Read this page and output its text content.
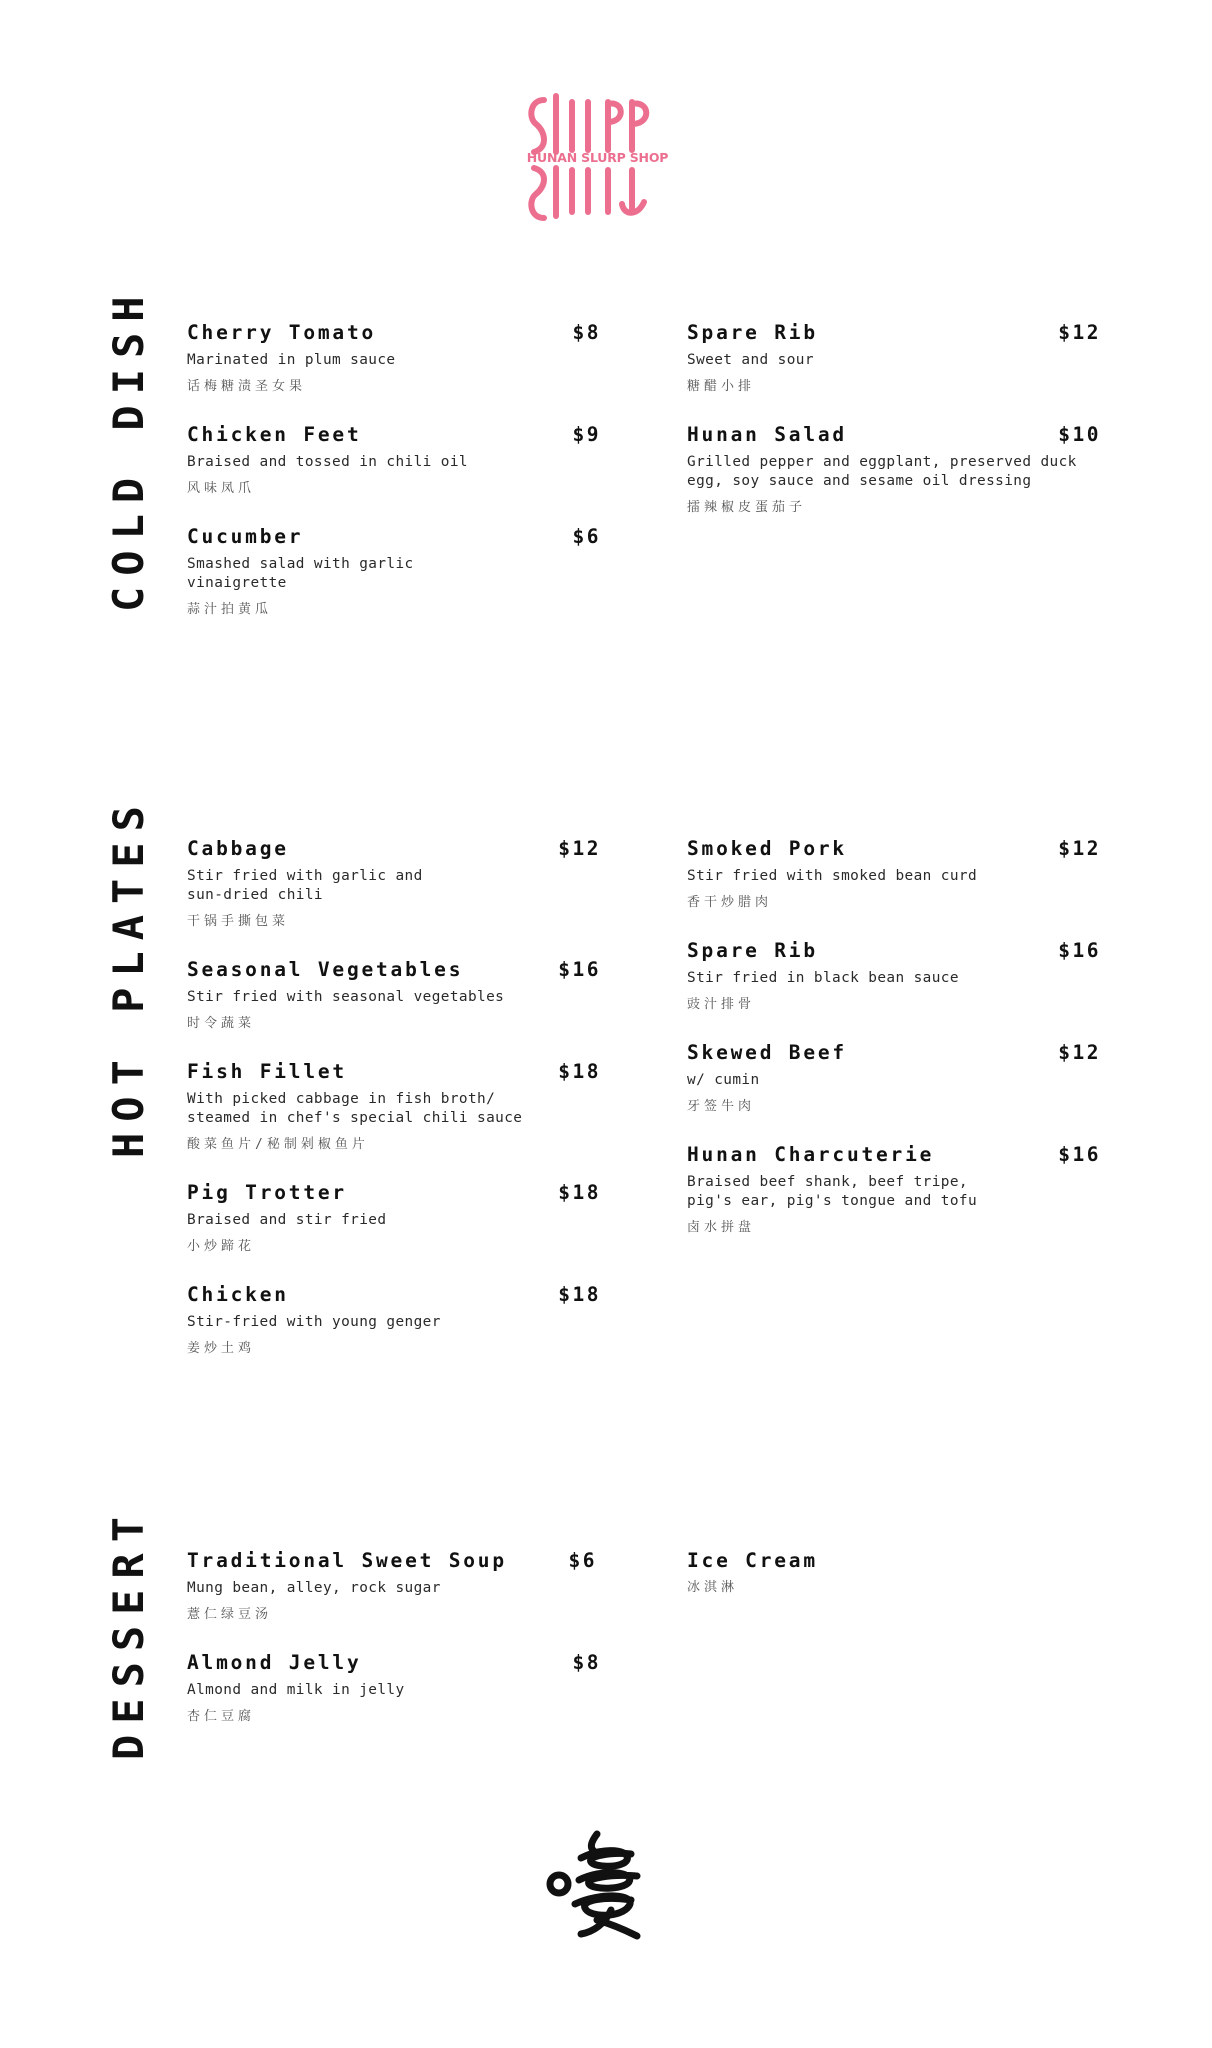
HUNAN SLURP SHOP
COLD DISH
HOT PLATES
DESSERT
Cherry Tomato	$8
Marinated in plum sauce
话梅糖渍圣女果
Chicken Feet	$9
Braised and tossed in chili oil
风味凤爪
Cucumber	$6
Smashed salad with garlic vinaigrette
蒜汁拍黄瓜
Spare Rib	$12
Sweet and sour
糖醋小排
Hunan Salad	$10
Grilled pepper and eggplant, preserved duck egg, soy sauce and sesame oil dressing
擂辣椒皮蛋茄子
Cabbage	$12
Stir fried with garlic and sun-dried chili
干锅手撕包菜
Seasonal Vegetables	$16
Stir fried with seasonal vegetables
时令蔬菜
Fish Fillet	$18
With picked cabbage in fish broth/ steamed in chef's special chili sauce
酸菜鱼片/秘制剁椒鱼片
Pig Trotter	$18
Braised and stir fried
小炒蹄花
Chicken	$18
Stir-fried with young genger
姜炒土鸡
Smoked Pork	$12
Stir fried with smoked bean curd
香干炒腊肉
Spare Rib	$16
Stir fried in black bean sauce
豉汁排骨
Skewed Beef	$12
w/ cumin
牙签牛肉
Hunan Charcuterie	$16
Braised beef shank, beef tripe, pig's ear, pig's tongue and tofu
卤水拼盘
Traditional Sweet Soup	$6
Mung bean, alley, rock sugar
薏仁绿豆汤
Almond Jelly	$8
Almond and milk in jelly
杏仁豆腐
Ice Cream
冰淇淋
